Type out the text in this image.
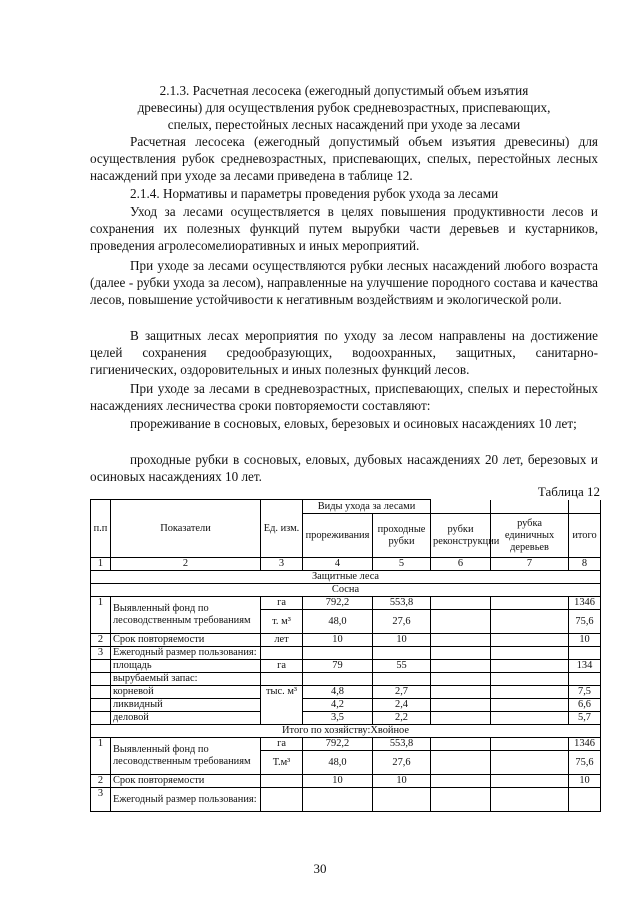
2.1.3. Расчетная лесосека (ежегодный допустимый объем изъятия
древесины) для осуществления рубок средневозрастных, приспевающих,
спелых, перестойных лесных насаждений при уходе за лесами

Расчетная лесосека (ежегодный допустимый объем изъятия древесины) для осуществления рубок средневозрастных, приспевающих, спелых, перестойных лесных насаждений при уходе за лесами приведена в таблице 12.

2.1.4. Нормативы и параметры проведения рубок ухода за лесами

Уход за лесами осуществляется в целях повышения продуктивности лесов и сохранения их полезных функций путем вырубки части деревьев и кустарников, проведения агролесомелиоративных и иных мероприятий.

При уходе за лесами осуществляются рубки лесных насаждений любого возраста (далее - рубки ухода за лесом), направленные на улучшение породного состава и качества лесов, повышение устойчивости к негативным воздействиям и экологической роли.

В защитных лесах мероприятия по уходу за лесом направлены на достижение целей сохранения средообразующих, водоохранных, защитных, санитарно-гигиенических, оздоровительных и иных полезных функций лесов.

При уходе за лесами в средневозрастных, приспевающих, спелых и перестойных насаждениях лесничества сроки повторяемости составляют:

прореживание в сосновых, еловых, березовых и осиновых насаждениях 10 лет;

проходные рубки в сосновых, еловых, дубовых насаждениях 20 лет, березовых и осиновых насаждениях 10 лет.

Таблица 12
п.п	Показатели	Ед. изм.	Виды ухода за лесами				
			прореживания	проходные рубки	рубки реконструкции	рубка единичных деревьев	итого
1	2	3	4	5	6	7	8
Защитные леса							
Сосна							
1	Выявленный фонд по лесоводственным требованиям	га	792,2	553,8			1346
		т. м³	48,0	27,6			75,6
2	Срок повторяемости	лет	10	10			10
3	Ежегодный размер пользования:						
	площадь	га	79	55			134
	вырубаемый запас:						
	корневой	тыс. м³	4,8	2,7			7,5
	ликвидный		4,2	2,4			6,6
	деловой		3,5	2,2			5,7
Итого по хозяйству:Хвойное							
1	Выявленный фонд по лесоводственным требованиям	га	792,2	553,8			1346
		Т.м³	48,0	27,6			75,6
2	Срок повторяемости		10	10			10
3	Ежегодный размер пользования:						
30
